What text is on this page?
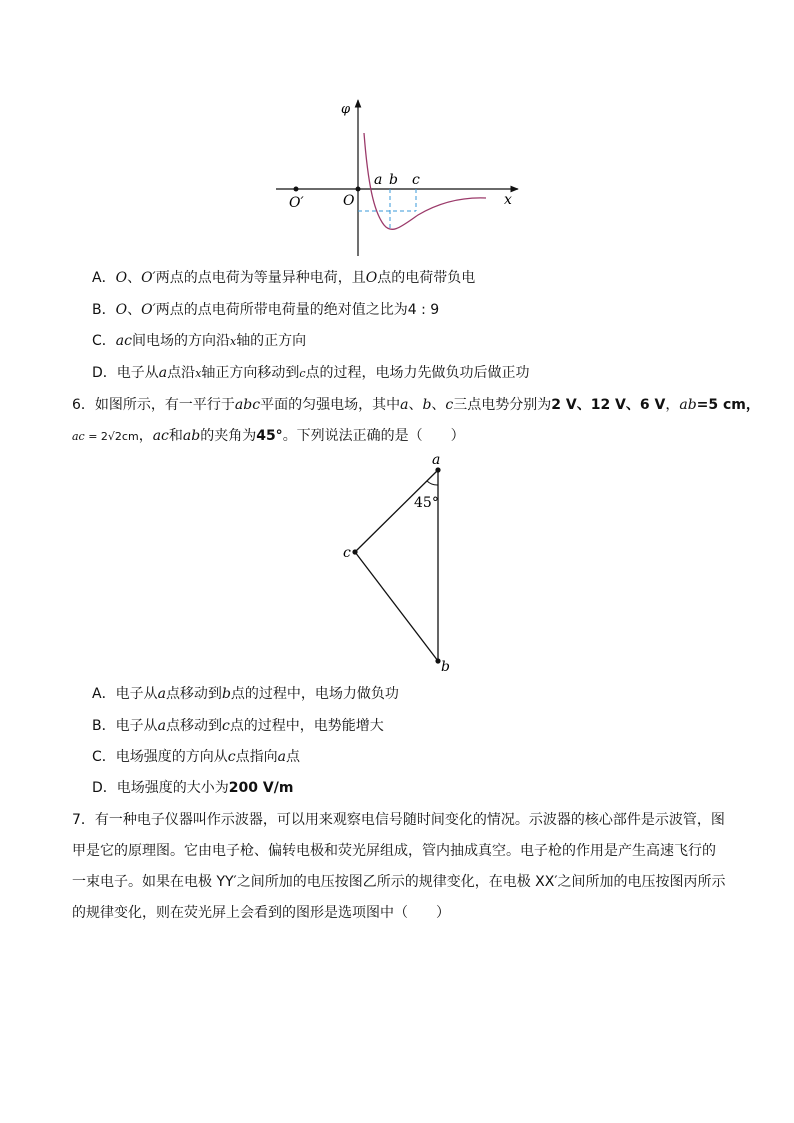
φ
x
O
O′
a b c
A．O、O′两点的点电荷为等量异种电荷，且O点的电荷带负电
B．O、O′两点的点电荷所带电荷量的绝对值之比为4 : 9
C．ac间电场的方向沿x轴的正方向
D．电子从a点沿x轴正方向移动到c点的过程，电场力先做负功后做正功
6．如图所示，有一平行于abc平面的匀强电场，其中a、b、c三点电势分别为2 V、12 V、6 V，ab=5 cm，
ac = 2√2cm，ac和ab的夹角为45°。下列说法正确的是（　　）
a
b
c
45°
A．电子从a点移动到b点的过程中，电场力做负功
B．电子从a点移动到c点的过程中，电势能增大
C．电场强度的方向从c点指向a点
D．电场强度的大小为200 V/m
7．有一种电子仪器叫作示波器，可以用来观察电信号随时间变化的情况。示波器的核心部件是示波管，图
甲是它的原理图。它由电子枪、偏转电极和荧光屏组成，管内抽成真空。电子枪的作用是产生高速飞行的
一束电子。如果在电极 YY′之间所加的电压按图乙所示的规律变化，在电极 XX′之间所加的电压按图丙所示
的规律变化，则在荧光屏上会看到的图形是选项图中（　　）
